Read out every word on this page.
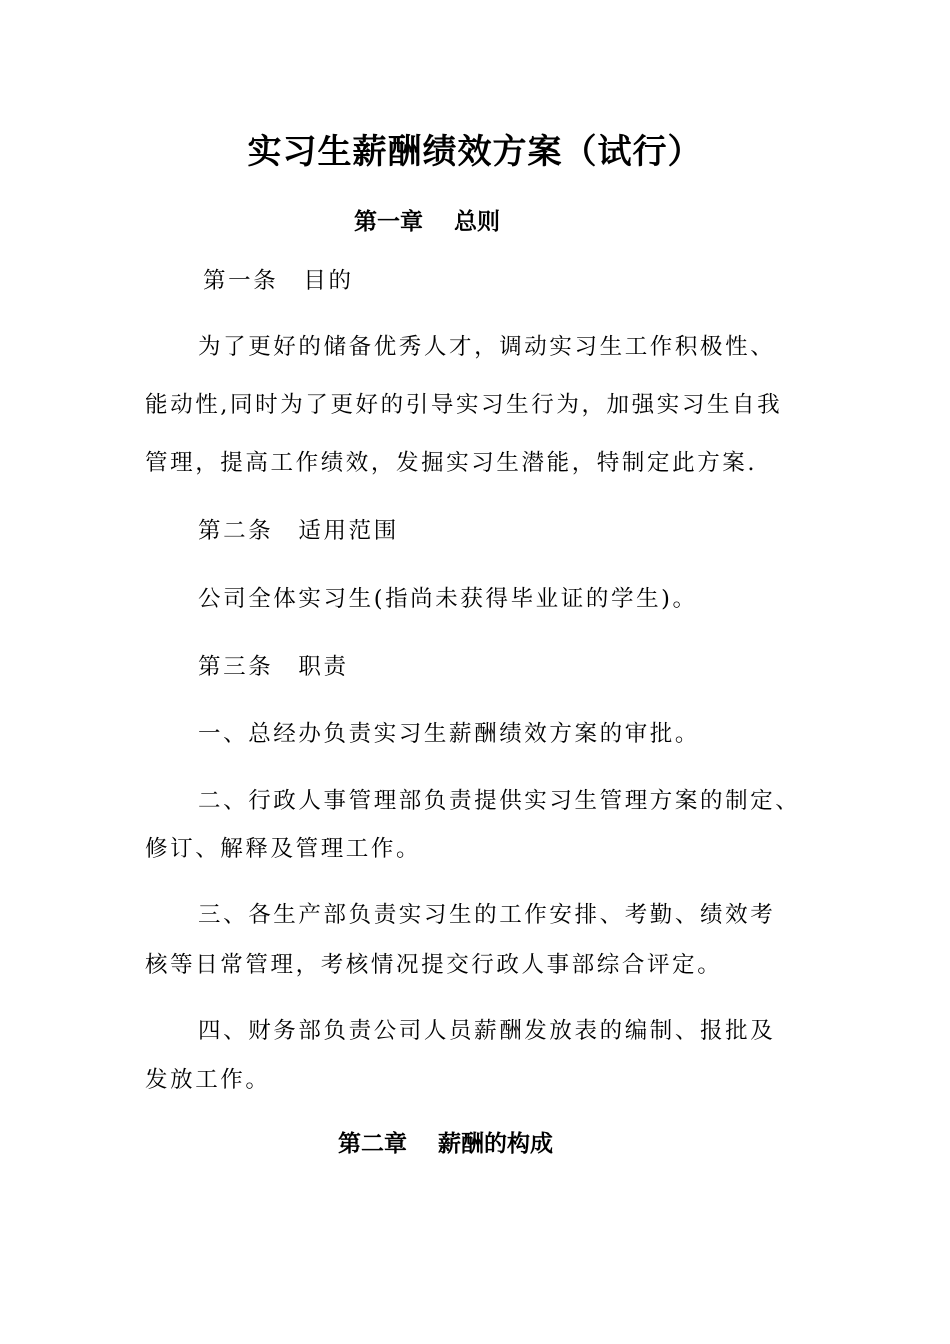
实习生薪酬绩效方案（试行）
第一章　 总则
第一条　目的
为了更好的储备优秀人才，调动实习生工作积极性、
能动性,同时为了更好的引导实习生行为，加强实习生自我
管理，提高工作绩效，发掘实习生潜能，特制定此方案.
第二条　适用范围
公司全体实习生(指尚未获得毕业证的学生)。
第三条　职责
一、总经办负责实习生薪酬绩效方案的审批。
二、行政人事管理部负责提供实习生管理方案的制定、
修订、解释及管理工作。
三、各生产部负责实习生的工作安排、考勤、绩效考
核等日常管理，考核情况提交行政人事部综合评定。
四、财务部负责公司人员薪酬发放表的编制、报批及
发放工作。
第二章　 薪酬的构成
